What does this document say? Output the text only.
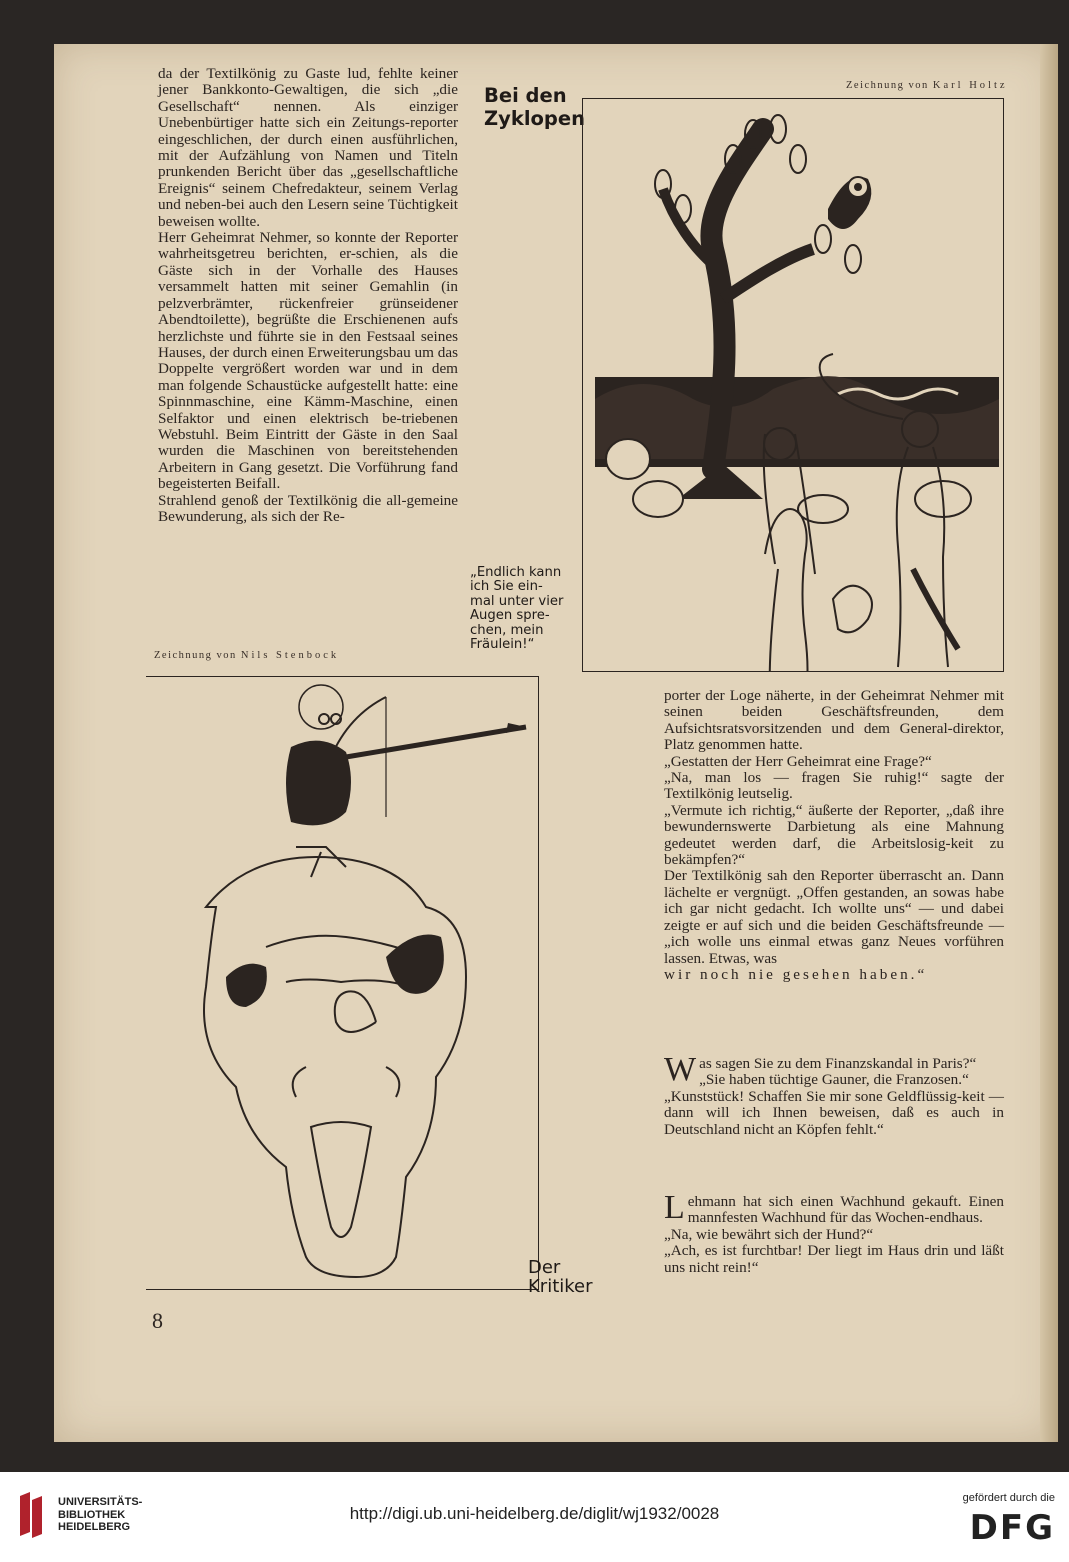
da der Textilkönig zu Gaste lud, fehlte keiner jener Bankkonto-Gewaltigen, die sich „die Gesellschaft“ nennen. Als einziger Unebenbürtiger hatte sich ein Zeitungs-reporter eingeschlichen, der durch einen ausführlichen, mit der Aufzählung von Namen und Titeln prunkenden Bericht über das „gesellschaftliche Ereignis“ seinem Chefredakteur, seinem Verlag und neben-bei auch den Lesern seine Tüchtigkeit beweisen wollte.

Herr Geheimrat Nehmer, so konnte der Reporter wahrheitsgetreu berichten, er-schien, als die Gäste sich in der Vorhalle des Hauses versammelt hatten mit seiner Gemahlin (in pelzverbrämter, rückenfreier grünseidener Abendtoilette), begrüßte die Erschienenen aufs herzlichste und führte sie in den Festsaal seines Hauses, der durch einen Erweiterungsbau um das Doppelte vergrößert worden war und in dem man folgende Schaustücke aufgestellt hatte: eine Spinnmaschine, eine Kämm-Maschine, einen Selfaktor und einen elektrisch be-triebenen Webstuhl. Beim Eintritt der Gäste in den Saal wurden die Maschinen von bereitstehenden Arbeitern in Gang gesetzt. Die Vorführung fand begeisterten Beifall.

Strahlend genoß der Textilkönig die all-gemeine Bewunderung, als sich der Re-

Bei den
Zyklopen
Zeichnung von Karl Holtz
„Endlich kann
ich Sie ein-
mal unter vier
Augen spre-
chen, mein
Fräulein!“
Zeichnung von Nils Stenbock
Der
Kritiker

porter der Loge näherte, in der Geheimrat Nehmer mit seinen beiden Geschäftsfreunden, dem Aufsichtsratsvorsitzenden und dem General-direktor, Platz genommen hatte.

„Gestatten der Herr Geheimrat eine Frage?“

„Na, man los — fragen Sie ruhig!“ sagte der Textilkönig leutselig.

„Vermute ich richtig,“ äußerte der Reporter, „daß ihre bewundernswerte Darbietung als eine Mahnung gedeutet werden darf, die Arbeitslosig-keit zu bekämpfen?“

Der Textilkönig sah den Reporter überrascht an. Dann lächelte er vergnügt. „Offen gestanden, an sowas habe ich gar nicht gedacht. Ich wollte uns“ — und dabei zeigte er auf sich und die beiden Geschäftsfreunde — „ich wolle uns einmal etwas ganz Neues vorführen lassen. Etwas, was

wir noch nie gesehen haben.“

W as sagen Sie zu dem Finanzskandal in Paris?“

„Sie haben tüchtige Gauner, die Franzosen.“

„Kunststück! Schaffen Sie mir sone Geldflüssig-keit — dann will ich Ihnen beweisen, daß es auch in Deutschland nicht an Köpfen fehlt.“

L ehmann hat sich einen Wachhund gekauft. Einen mannfesten Wachhund für das Wochen-endhaus.

„Na, wie bewährt sich der Hund?“

„Ach, es ist furchtbar! Der liegt im Haus drin und läßt uns nicht rein!“

8
UNIVERSITÄTS-
BIBLIOTHEK
HEIDELBERG
http://digi.ub.uni-heidelberg.de/diglit/wj1932/0028
gefördert durch die
DFG
